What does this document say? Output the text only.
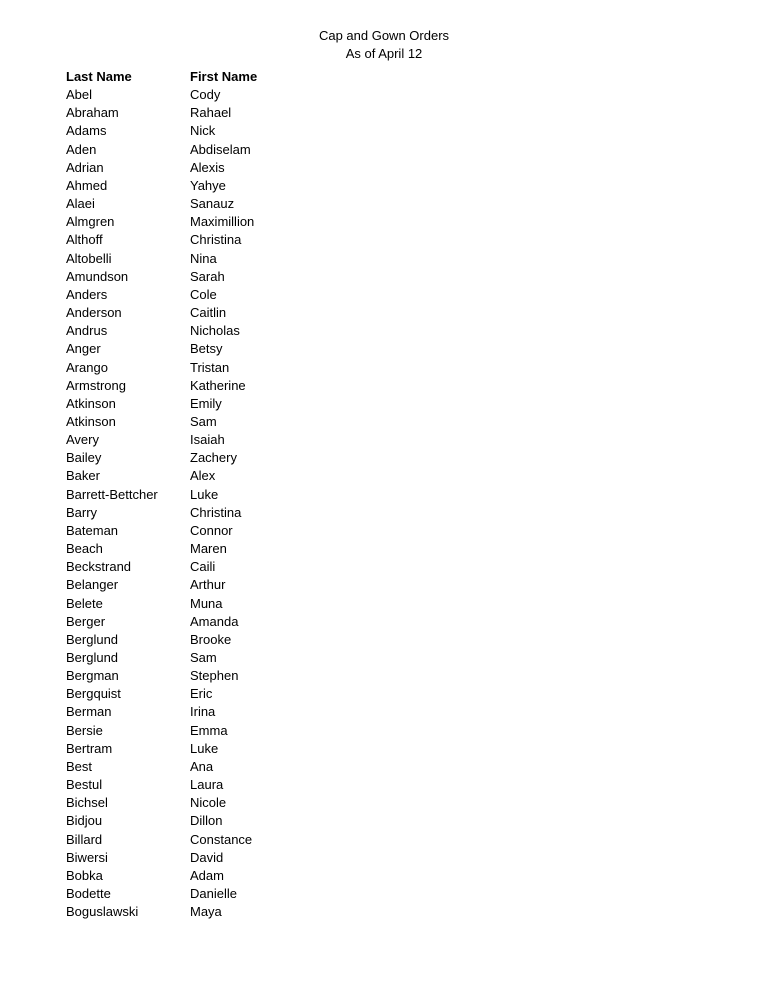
Cap and Gown Orders
As of April 12
Last Name	First Name
Abel	Cody
Abraham	Rahael
Adams	Nick
Aden	Abdiselam
Adrian	Alexis
Ahmed	Yahye
Alaei	Sanauz
Almgren	Maximillion
Althoff	Christina
Altobelli	Nina
Amundson	Sarah
Anders	Cole
Anderson	Caitlin
Andrus	Nicholas
Anger	Betsy
Arango	Tristan
Armstrong	Katherine
Atkinson	Emily
Atkinson	Sam
Avery	Isaiah
Bailey	Zachery
Baker	Alex
Barrett-Bettcher	Luke
Barry	Christina
Bateman	Connor
Beach	Maren
Beckstrand	Caili
Belanger	Arthur
Belete	Muna
Berger	Amanda
Berglund	Brooke
Berglund	Sam
Bergman	Stephen
Bergquist	Eric
Berman	Irina
Bersie	Emma
Bertram	Luke
Best	Ana
Bestul	Laura
Bichsel	Nicole
Bidjou	Dillon
Billard	Constance
Biwersi	David
Bobka	Adam
Bodette	Danielle
Boguslawski	Maya
